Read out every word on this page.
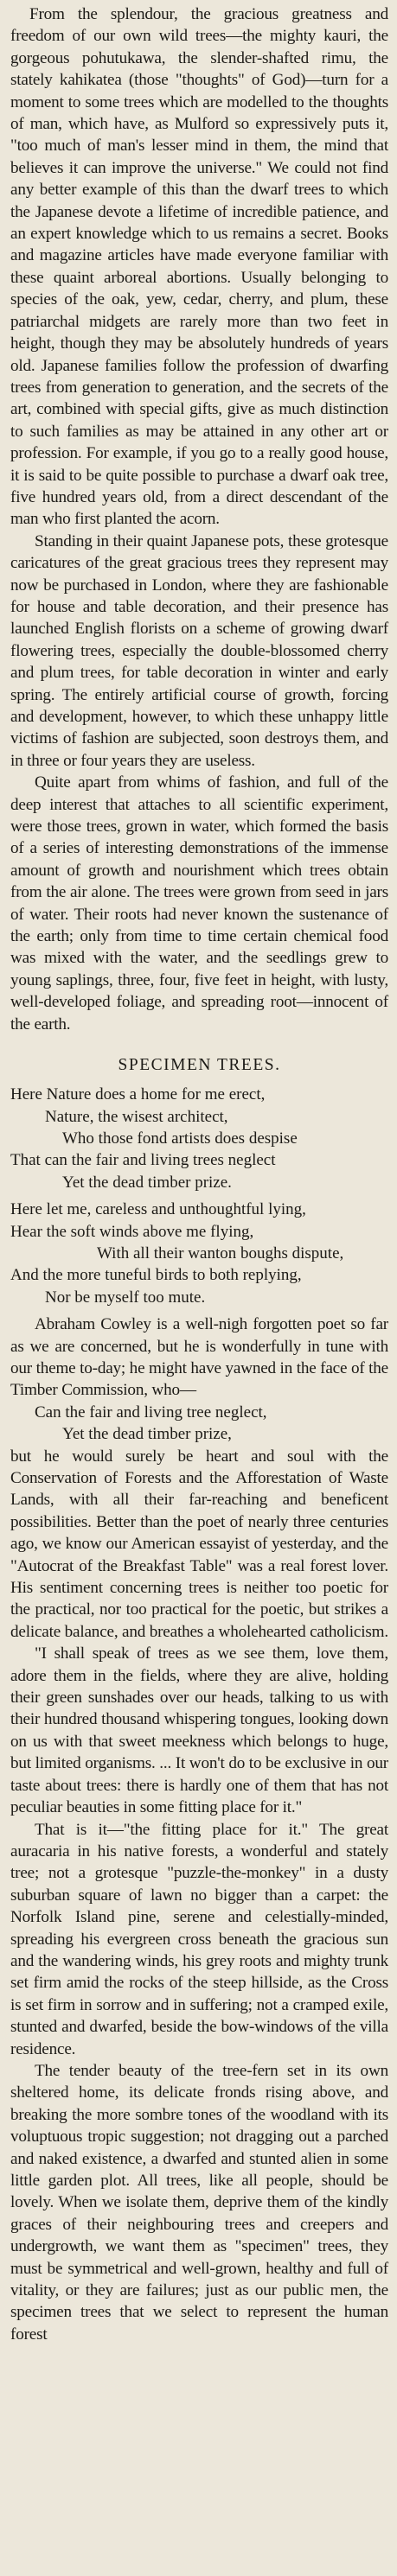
From the splendour, the gracious greatness and freedom of our own wild trees—the mighty kauri, the gorgeous pohutukawa, the slender-shafted rimu, the stately kahikatea (those "thoughts" of God)—turn for a moment to some trees which are modelled to the thoughts of man, which have, as Mulford so expressively puts it, "too much of man's lesser mind in them, the mind that believes it can improve the universe." We could not find any better example of this than the dwarf trees to which the Japanese devote a lifetime of incredible patience, and an expert knowledge which to us remains a secret. Books and magazine articles have made everyone familiar with these quaint arboreal abortions. Usually belonging to species of the oak, yew, cedar, cherry, and plum, these patriarchal midgets are rarely more than two feet in height, though they may be absolutely hundreds of years old. Japanese families follow the profession of dwarfing trees from generation to generation, and the secrets of the art, combined with special gifts, give as much distinction to such families as may be attained in any other art or profession. For example, if you go to a really good house, it is said to be quite possible to purchase a dwarf oak tree, five hundred years old, from a direct descendant of the man who first planted the acorn.

Standing in their quaint Japanese pots, these grotesque caricatures of the great gracious trees they represent may now be purchased in London, where they are fashionable for house and table decoration, and their presence has launched English florists on a scheme of growing dwarf flowering trees, especially the double-blossomed cherry and plum trees, for table decoration in winter and early spring. The entirely artificial course of growth, forcing and development, however, to which these unhappy little victims of fashion are subjected, soon destroys them, and in three or four years they are useless.

Quite apart from whims of fashion, and full of the deep interest that attaches to all scientific experiment, were those trees, grown in water, which formed the basis of a series of interesting demonstrations of the immense amount of growth and nourishment which trees obtain from the air alone. The trees were grown from seed in jars of water. Their roots had never known the sustenance of the earth; only from time to time certain chemical food was mixed with the water, and the seedlings grew to young saplings, three, four, five feet in height, with lusty, well-developed foliage, and spreading root—innocent of the earth.

SPECIMEN TREES.
Here Nature does a home for me erect,
Nature, the wisest architect,
Who those fond artists does despise
That can the fair and living trees neglect
Yet the dead timber prize.
Here let me, careless and unthoughtful lying,
Hear the soft winds above me flying,
With all their wanton boughs dispute,
And the more tuneful birds to both replying,
Nor be myself too mute.

Abraham Cowley is a well-nigh forgotten poet so far as we are concerned, but he is wonderfully in tune with our theme to-day; he might have yawned in the face of the Timber Commission, who—

Can the fair and living tree neglect,
Yet the dead timber prize,

but he would surely be heart and soul with the Conservation of Forests and the Afforestation of Waste Lands, with all their far-reaching and beneficent possibilities. Better than the poet of nearly three centuries ago, we know our American essayist of yesterday, and the "Autocrat of the Breakfast Table" was a real forest lover. His sentiment concerning trees is neither too poetic for the practical, nor too practical for the poetic, but strikes a delicate balance, and breathes a wholehearted catholicism.

"I shall speak of trees as we see them, love them, adore them in the fields, where they are alive, holding their green sunshades over our heads, talking to us with their hundred thousand whispering tongues, looking down on us with that sweet meekness which belongs to huge, but limited organisms. ... It won't do to be exclusive in our taste about trees: there is hardly one of them that has not peculiar beauties in some fitting place for it."

That is it—"the fitting place for it." The great auracaria in his native forests, a wonderful and stately tree; not a grotesque "puzzle-the-monkey" in a dusty suburban square of lawn no bigger than a carpet: the Norfolk Island pine, serene and celestially-minded, spreading his evergreen cross beneath the gracious sun and the wandering winds, his grey roots and mighty trunk set firm amid the rocks of the steep hillside, as the Cross is set firm in sorrow and in suffering; not a cramped exile, stunted and dwarfed, beside the bow-windows of the villa residence.

The tender beauty of the tree-fern set in its own sheltered home, its delicate fronds rising above, and breaking the more sombre tones of the woodland with its voluptuous tropic suggestion; not dragging out a parched and naked existence, a dwarfed and stunted alien in some little garden plot. All trees, like all people, should be lovely. When we isolate them, deprive them of the kindly graces of their neighbouring trees and creepers and undergrowth, we want them as "specimen" trees, they must be symmetrical and well-grown, healthy and full of vitality, or they are failures; just as our public men, the specimen trees that we select to represent the human forest
